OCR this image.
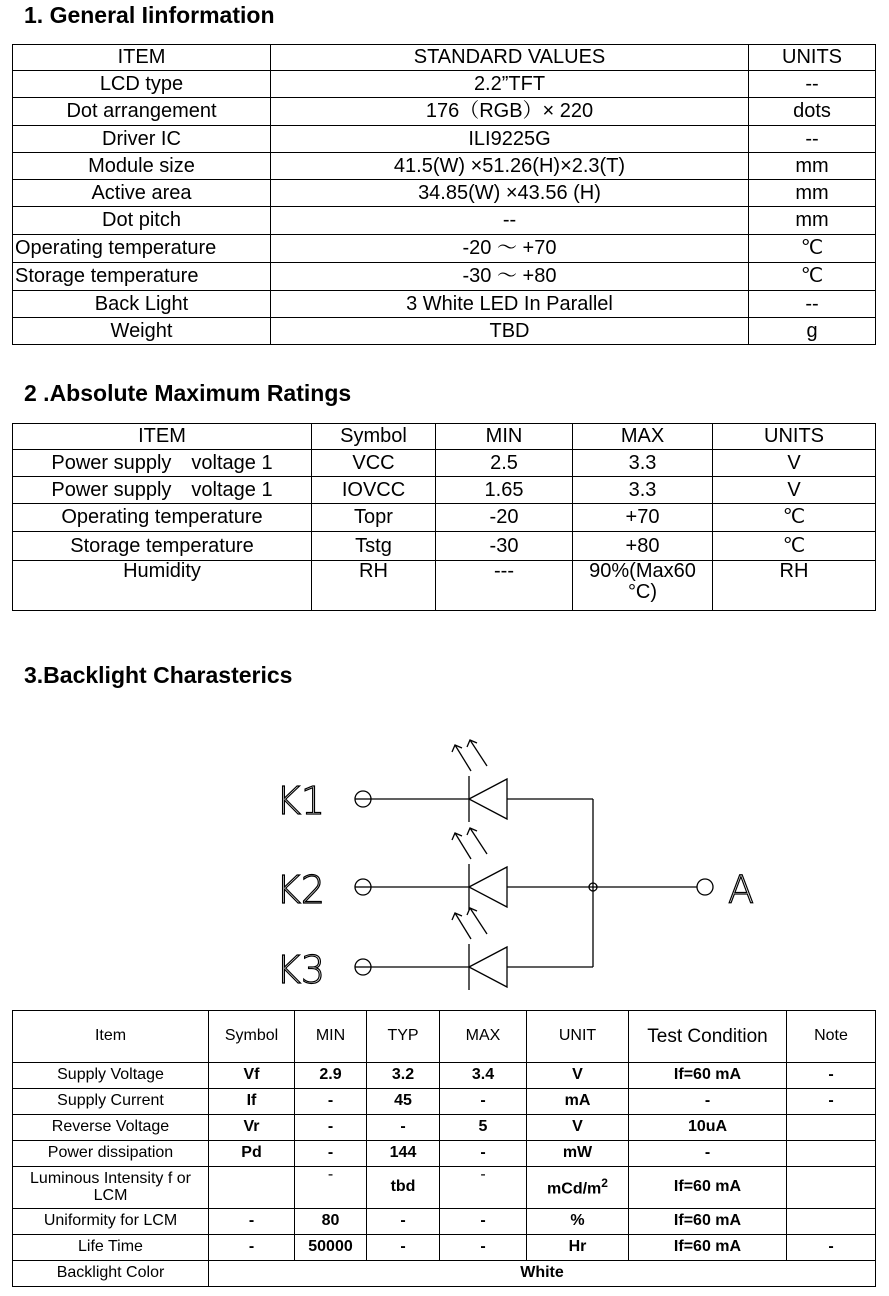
1. General Iinformation
ITEM	STANDARD VALUES	UNITS
LCD type	2.2”TFT	--
Dot arrangement	176（RGB）× 220	dots
Driver IC	ILI9225G	--
Module size	41.5(W) ×51.26(H)×2.3(T)	mm
Active area	34.85(W) ×43.56 (H)	mm
Dot pitch	--	mm
Operating temperature	-20 ～ +70	℃
Storage temperature	-30 ～ +80	℃
Back Light	3 White LED In Parallel	--
Weight	TBD	g
2 .Absolute Maximum Ratings
ITEM	Symbol	MIN	MAX	UNITS
Power supply　voltage 1	VCC	2.5	3.3	V
Power supply　voltage 1	IOVCC	1.65	3.3	V
Operating temperature	Topr	-20	+70	℃
Storage temperature	Tstg	-30	+80	℃
Humidity	RH	---	90%(Max60 °C)	RH
3.Backlight Charasterics
K1
K2
K3
A
Item	Symbol	MIN	TYP	MAX	UNIT	Test Condition	Note
Supply Voltage	Vf	2.9	3.2	3.4	V	If=60 mA	-
Supply Current	If	-	45	-	mA	-	-
Reverse Voltage	Vr	-	-	5	V	10uA	
Power dissipation	Pd	-	144	-	mW	-	
Luminous Intensity f or LCM		-	tbd	-	mCd/$m^2$	If=60 mA	
Uniformity for LCM	-	80	-	-	%	If=60 mA	
Life Time	-	50000	-	-	Hr	If=60 mA	-
Backlight Color	White						
